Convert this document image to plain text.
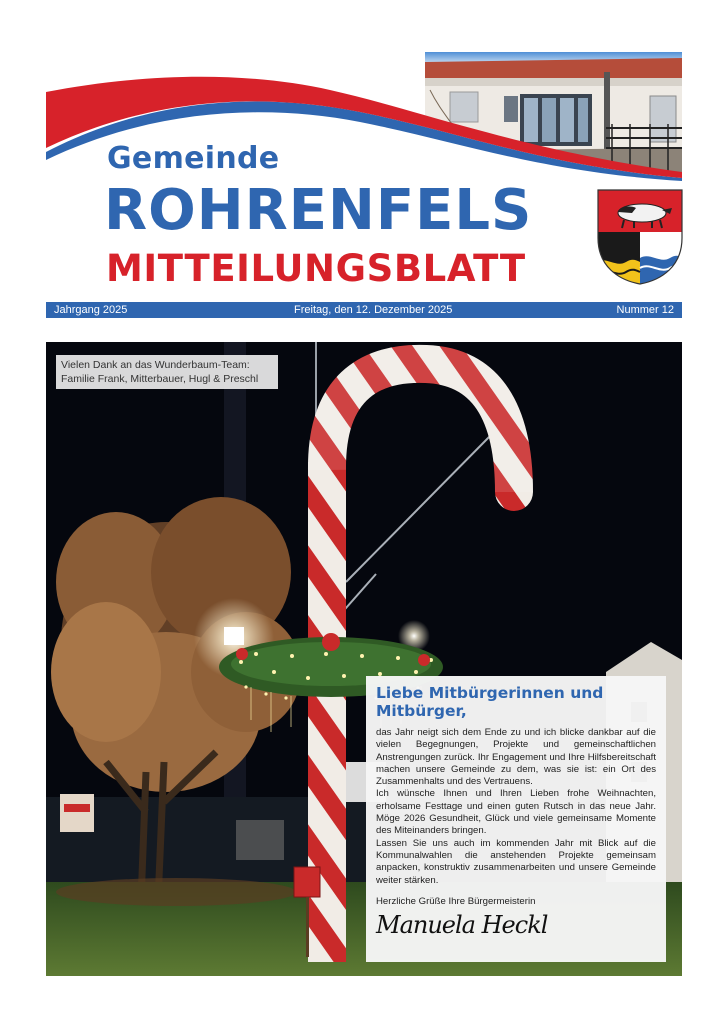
Gemeinde
ROHRENFELS
MITTEILUNGSBLATT
Jahrgang 2025	Freitag, den 12. Dezember 2025	Nummer 12
Vielen Dank an das Wunderbaum-Team: Familie Frank, Mitterbauer, Hugl & Preschl
Liebe Mitbürgerinnen und Mitbürger,

das Jahr neigt sich dem Ende zu und ich blicke dankbar auf die vielen Begegnungen, Projekte und gemeinschaftlichen Anstrengungen zurück. Ihr Engagement und Ihre Hilfsbereitschaft machen unsere Gemeinde zu dem, was sie ist: ein Ort des Zusammenhalts und des Vertrauens.

Ich wünsche Ihnen und Ihren Lieben frohe Weihnachten, erholsame Festtage und einen guten Rutsch in das neue Jahr. Möge 2026 Gesundheit, Glück und viele gemeinsame Momente des Miteinanders bringen.

Lassen Sie uns auch im kommenden Jahr mit Blick auf die Kommunalwahlen die anstehenden Projekte gemeinsam anpacken, konstruktiv zusammenarbeiten und unsere Gemeinde weiter stärken.

Herzliche Grüße Ihre Bürgermeisterin
Manuela Heckl
